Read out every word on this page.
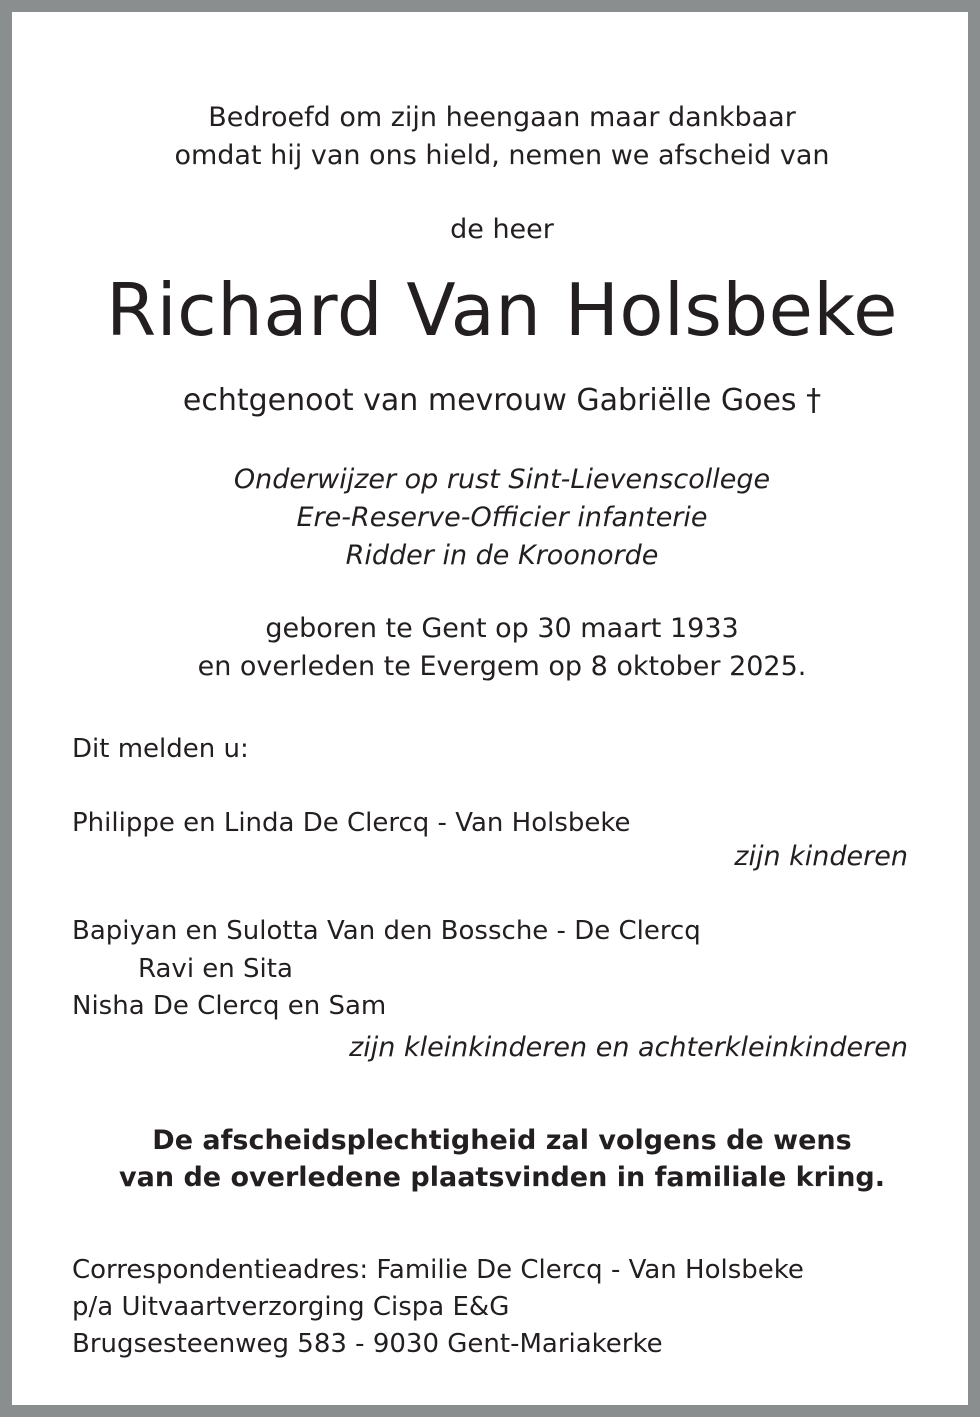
Bedroefd om zijn heengaan maar dankbaar
omdat hij van ons hield, nemen we afscheid van
de heer
Richard Van Holsbeke
echtgenoot van mevrouw Gabriëlle Goes †
Onderwijzer op rust Sint-Lievenscollege
Ere-Reserve-Officier infanterie
Ridder in de Kroonorde
geboren te Gent op 30 maart 1933
en overleden te Evergem op 8 oktober 2025.
Dit melden u:
Philippe en Linda De Clercq - Van Holsbeke
zijn kinderen
Bapiyan en Sulotta Van den Bossche - De Clercq
Ravi en Sita
Nisha De Clercq en Sam
zijn kleinkinderen en achterkleinkinderen
De afscheidsplechtigheid zal volgens de wens
van de overledene plaatsvinden in familiale kring.
Correspondentieadres: Familie De Clercq - Van Holsbeke
p/a Uitvaartverzorging Cispa E&G
Brugsesteenweg 583 - 9030 Gent-Mariakerke
